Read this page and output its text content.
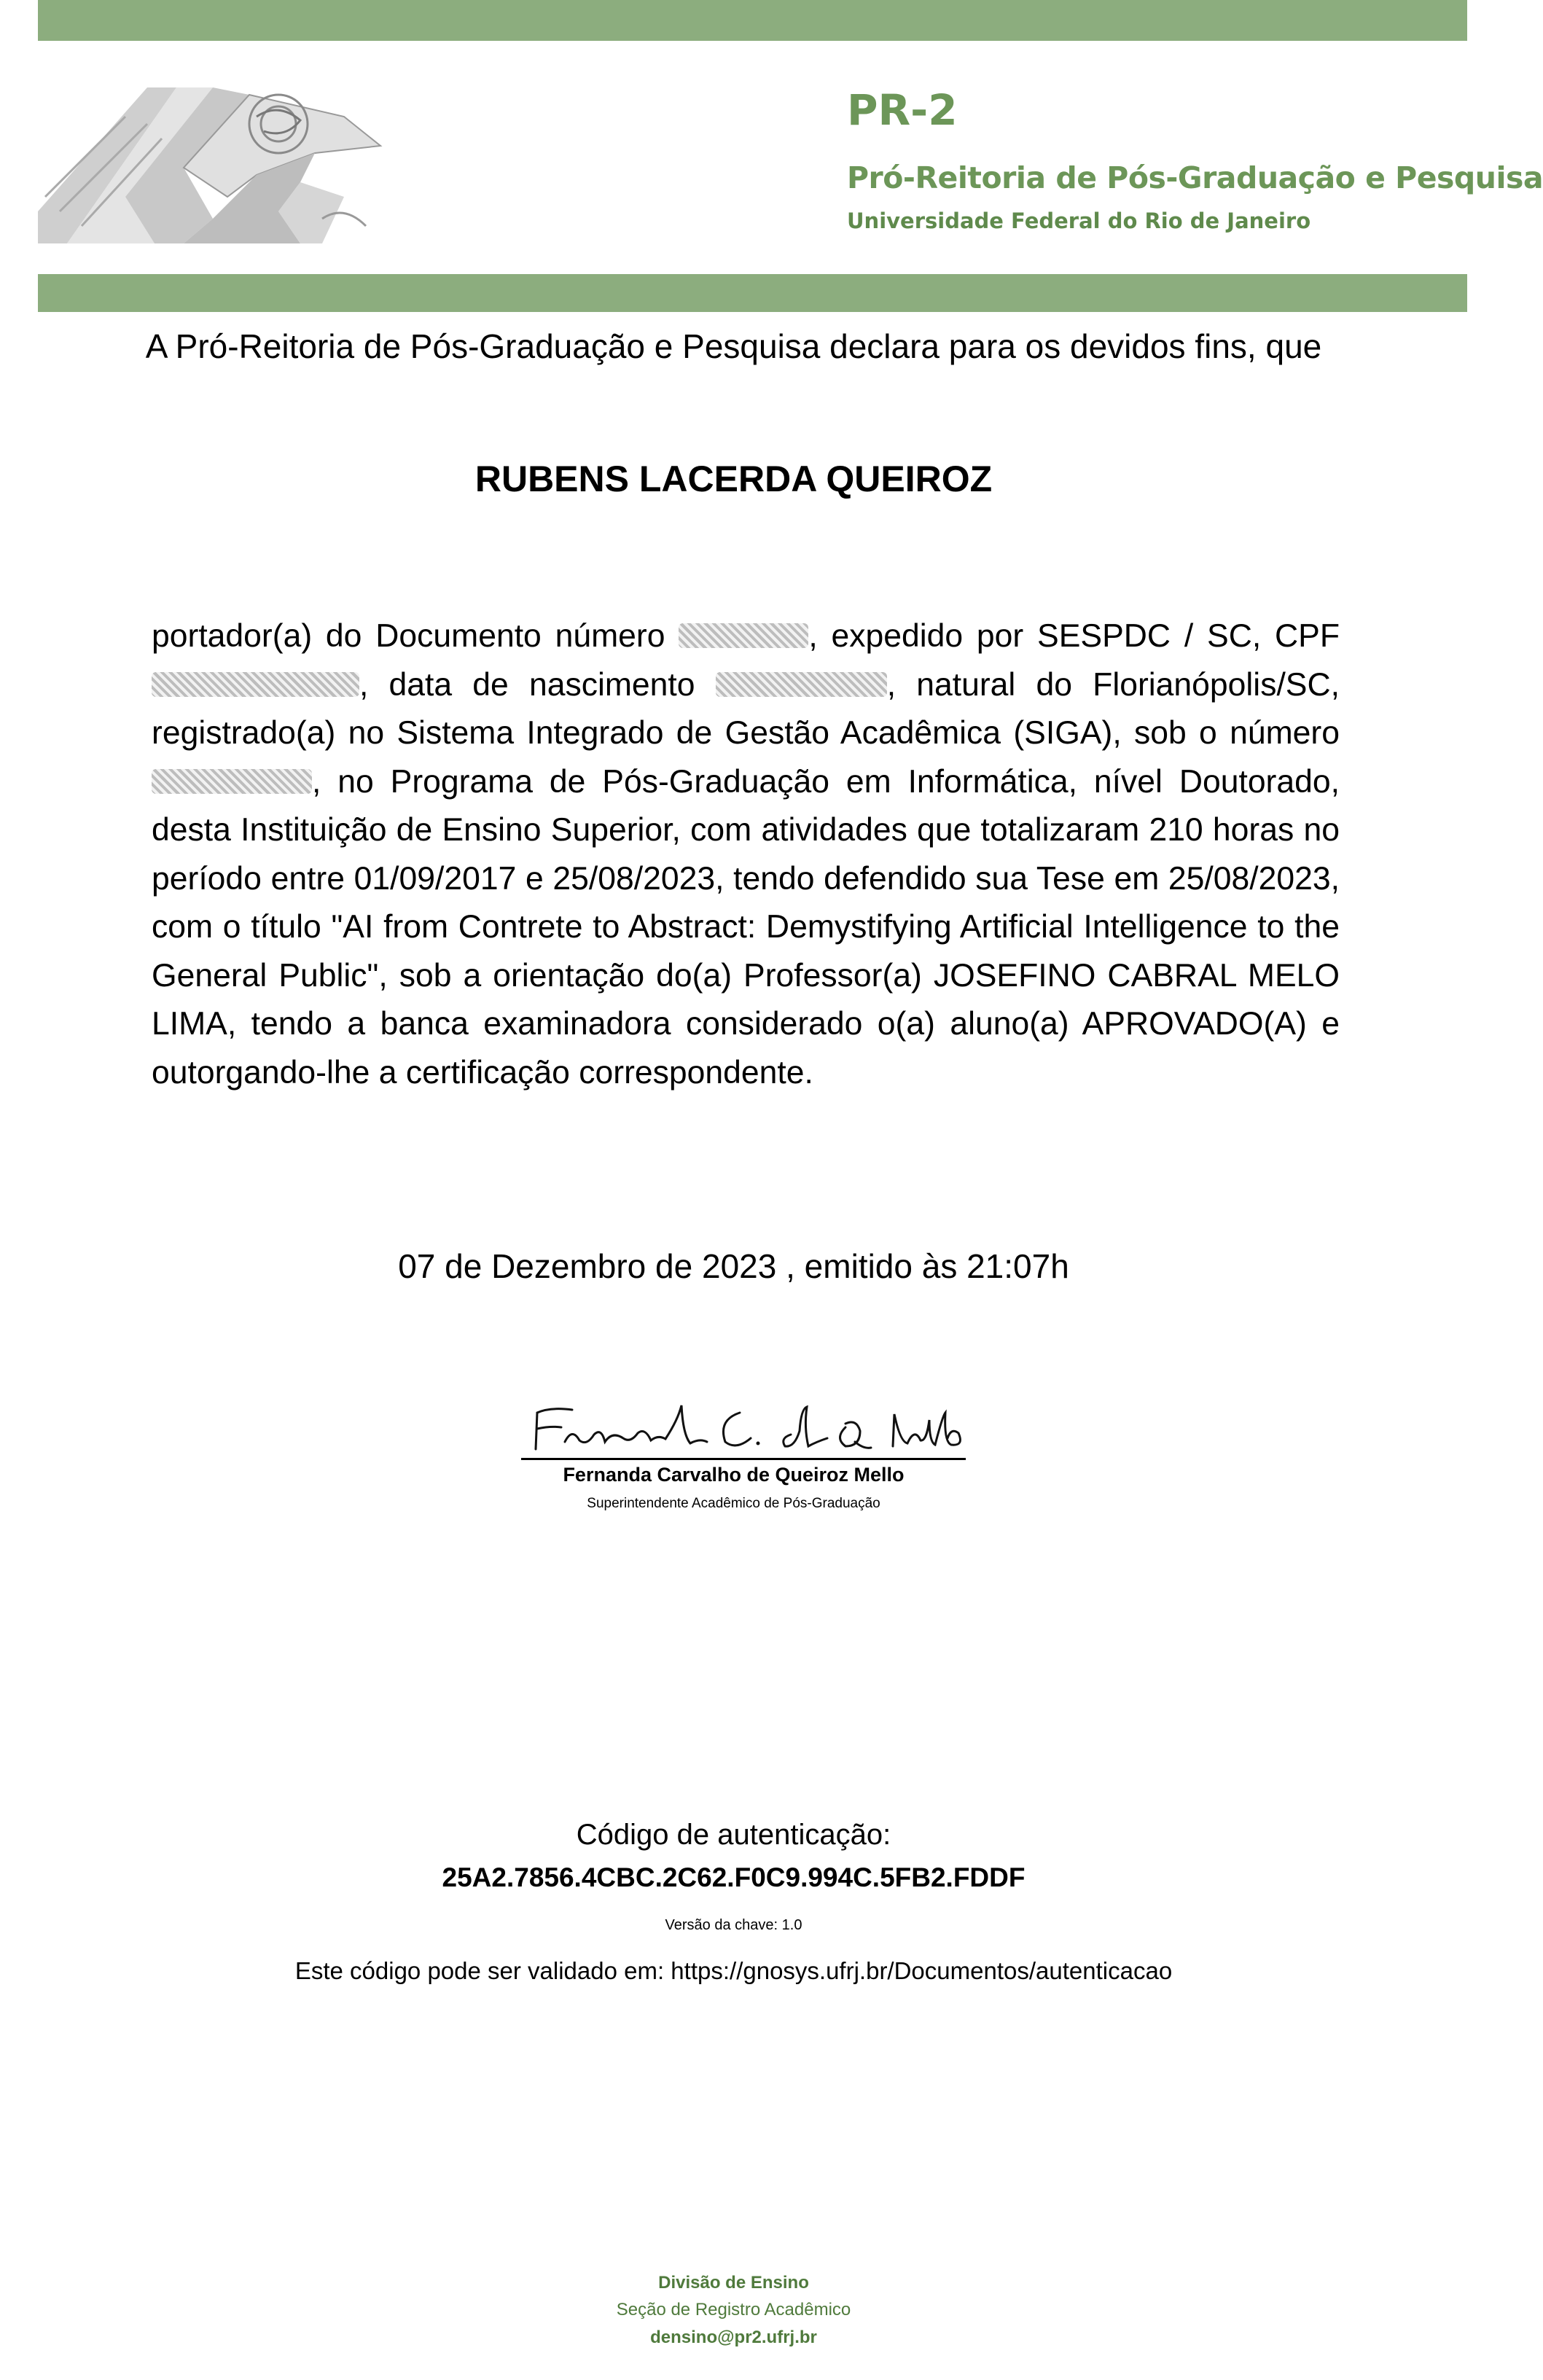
PR-2
Pró-Reitoria de Pós-Graduação e Pesquisa
Universidade Federal do Rio de Janeiro
A Pró-Reitoria de Pós-Graduação e Pesquisa declara para os devidos fins, que
RUBENS LACERDA QUEIROZ
portador(a) do Documento número	, expedido por SESPDC / SC, CPF , data de nascimento	, natural do Florianópolis/SC, registrado(a) no Sistema Integrado de Gestão Acadêmica (SIGA), sob o número , no Programa de Pós-Graduação em Informática, nível Doutorado, desta Instituição de Ensino Superior, com atividades que totalizaram 210 horas no período entre 01/09/2017 e 25/08/2023, tendo defendido sua Tese em 25/08/2023, com o título "AI from Contrete to Abstract: Demystifying Artificial Intelligence to the General Public", sob a orientação do(a) Professor(a) JOSEFINO CABRAL MELO LIMA, tendo a banca examinadora considerado o(a) aluno(a) APROVADO(A) e outorgando-lhe a certificação correspondente.
07 de Dezembro de 2023 , emitido às 21:07h
Fernanda Carvalho de Queiroz Mello
Superintendente Acadêmico de Pós-Graduação
Código de autenticação:
25A2.7856.4CBC.2C62.F0C9.994C.5FB2.FDDF
Versão da chave: 1.0
Este código pode ser validado em: https://gnosys.ufrj.br/Documentos/autenticacao
Divisão de Ensino
Seção de Registro Acadêmico
densino@pr2.ufrj.br
